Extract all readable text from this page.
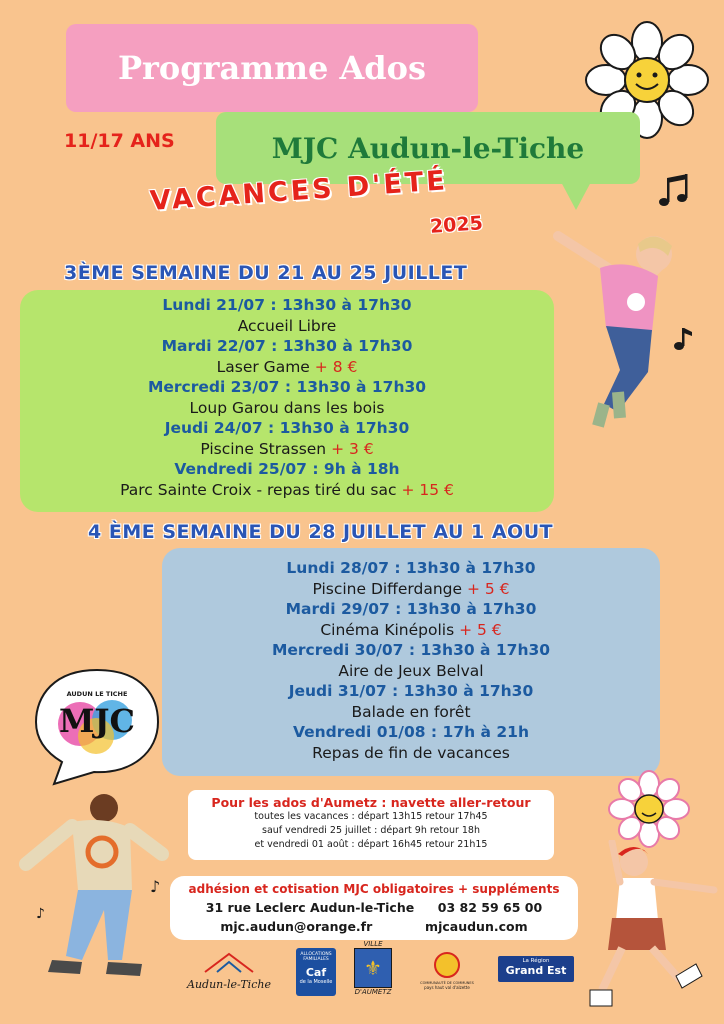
Programme Ados
11/17 ANS	MJC Audun-le-Tiche
VACANCES D'ÉTÉ
2025
3ÈME SEMAINE DU 21 AU 25 JUILLET
Lundi 21/07 : 13h30 à 17h30
Accueil Libre
Mardi 22/07 : 13h30 à 17h30
Laser Game + 8 €
Mercredi 23/07 : 13h30 à 17h30
Loup Garou dans les bois
Jeudi 24/07 : 13h30 à 17h30
Piscine Strassen + 3 €
Vendredi 25/07 : 9h à 18h
Parc Sainte Croix - repas tiré du sac + 15 €
4 ÈME SEMAINE DU 28 JUILLET AU 1 AOUT
Lundi 28/07 : 13h30 à 17h30
Piscine Differdange + 5 €
Mardi 29/07 : 13h30 à 17h30
Cinéma Kinépolis + 5 €
Mercredi 30/07 : 13h30 à 17h30
Aire de Jeux Belval
Jeudi 31/07 : 13h30 à 17h30
Balade en forêt
Vendredi 01/08 : 17h à 21h
Repas de fin de vacances
AUDUN LE TICHE
MJC
♪
♪
Pour les ados d'Aumetz : navette aller-retour
toutes les vacances : départ 13h15 retour 17h45
sauf vendredi 25 juillet : départ 9h retour 18h
et vendredi 01 août : départ 16h45 retour 21h15
adhésion et cotisation MJC obligatoires + suppléments
31 rue Leclerc Audun-le-Tiche 03 82 59 65 00
mjc.audun@orange.fr	mjcaudun.com
Audun-le-Tiche
ALLOCATIONS FAMILIALES
Caf
de la Moselle
VILLE
⚜
D'AUMETZ
COMMUNAUTÉ DE COMMUNES
pays haut val d'alzette
La Région
Grand Est
